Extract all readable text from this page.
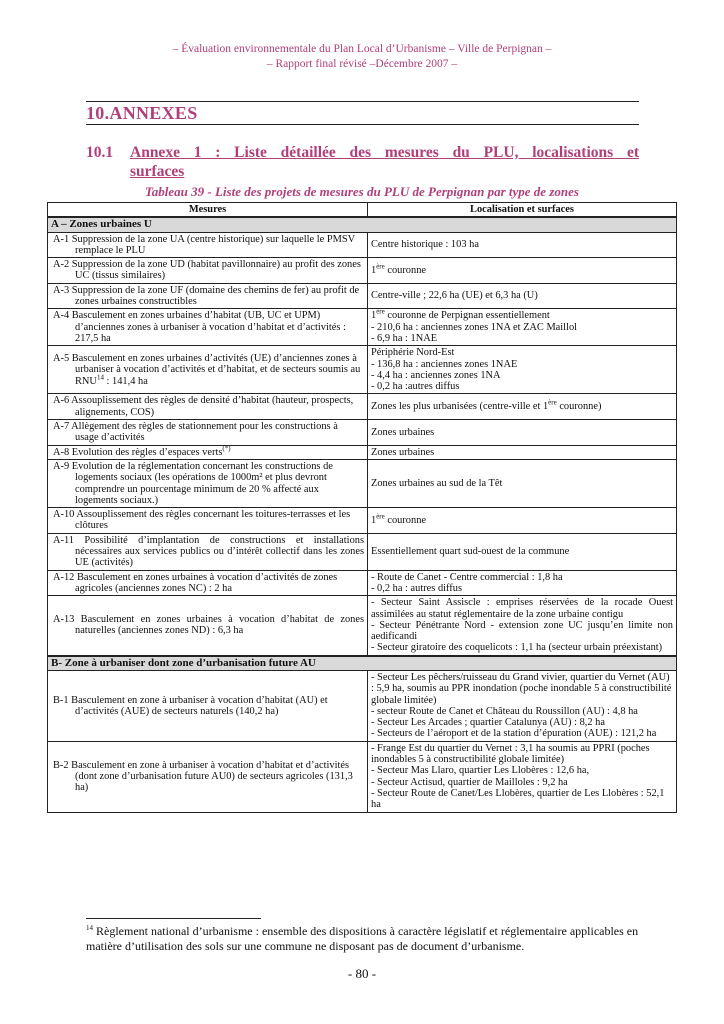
– Évaluation environnementale du Plan Local d’Urbanisme – Ville de Perpignan –
– Rapport final révisé –Décembre 2007 –
10.ANNEXES
10.1 Annexe 1 : Liste détaillée des mesures du PLU, localisations et
surfaces
Tableau 39 - Liste des projets de mesures du PLU de Perpignan par type de zones
Mesures	Localisation et surfaces
A – Zones urbaines U	

A-1 Suppression de la zone UA (centre historique) sur laquelle le PMSV remplace le PLU	Centre historique : 103 ha

A-2 Suppression de la zone UD (habitat pavillonnaire) au profit des zones UC (tissus similaires)	1ère couronne

A-3 Suppression de la zone UF (domaine des chemins de fer) au profit de zones urbaines constructibles	Centre-ville ; 22,6 ha (UE) et 6,3 ha (U)

A-4 Basculement en zones urbaines d’habitat (UB, UC et UPM) d’anciennes zones à urbaniser à vocation d’habitat et d’activités : 217,5 ha	1ère couronne de Perpignan essentiellement
- 210,6 ha : anciennes zones 1NA et ZAC Maillol
- 6,9 ha : 1NAE

A-5 Basculement en zones urbaines d’activités (UE) d’anciennes zones à urbaniser à vocation d’activités et d’habitat, et de secteurs soumis au RNU$^{14}$ : 141,4 ha	Périphérie Nord-Est
- 136,8 ha : anciennes zones 1NAE
- 4,4 ha : anciennes zones 1NA
- 0,2 ha :autres diffus

A-6 Assouplissement des règles de densité d’habitat (hauteur, prospects, alignements, COS)	Zones les plus urbanisées (centre-ville et 1ère couronne)

A-7 Allègement des règles de stationnement pour les constructions à usage d’activités	Zones urbaines

A-8 Evolution des règles d’espaces verts(*)	Zones urbaines

A-9 Evolution de la réglementation concernant les constructions de logements sociaux (les opérations de 1000m² et plus devront comprendre un pourcentage minimum de 20 % affecté aux logements sociaux.)	Zones urbaines au sud de la Têt

A-10 Assouplissement des règles concernant les toitures-terrasses et les clôtures	1ère couronne

A-11 Possibilité d’implantation de constructions et installations nécessaires aux services publics ou d’intérêt collectif dans les zones UE (activités)	Essentiellement quart sud-ouest de la commune

A-12 Basculement en zones urbaines à vocation d’activités de zones agricoles (anciennes zones NC) : 2 ha	- Route de Canet - Centre commercial : 1,8 ha
- 0,2 ha : autres diffus

A-13 Basculement en zones urbaines à vocation d’habitat de zones naturelles (anciennes zones ND) : 6,3 ha	- Secteur Saint Assiscle : emprises réservées de la rocade Ouest assimilées au statut réglementaire de la zone urbaine contigu
- Secteur Pénétrante Nord - extension zone UC jusqu’en limite non aedificandi
- Secteur giratoire des coquelicots : 1,1 ha (secteur urbain préexistant)

B- Zone à urbaniser dont zone d’urbanisation future AU	

B-1 Basculement en zone à urbaniser à vocation d’habitat (AU) et d’activités (AUE) de secteurs naturels (140,2 ha)	- Secteur Les pêchers/ruisseau du Grand vivier, quartier du Vernet (AU) : 5,9 ha, soumis au PPR inondation (poche inondable 5 à constructibilité globale limitée)
- secteur Route de Canet et Château du Roussillon (AU) : 4,8 ha
- Secteur Les Arcades ; quartier Catalunya (AU) : 8,2 ha
- Secteurs de l’aéroport et de la station d’épuration (AUE) : 121,2 ha

B-2 Basculement en zone à urbaniser à vocation d’habitat et d’activités (dont zone d’urbanisation future AU0) de secteurs agricoles (131,3 ha)	- Frange Est du quartier du Vernet : 3,1 ha soumis au PPRI (poches inondables 5 à constructibilité globale limitée)
- Secteur Mas Llaro, quartier Les Llobères : 12,6 ha,
- Secteur Actisud, quartier de Mailloles : 9,2 ha
- Secteur Route de Canet/Les Llobères, quartier de Les Llobères : 52,1 ha
$^{14}$ Règlement national d’urbanisme : ensemble des dispositions à caractère législatif et réglementaire applicables en matière d’utilisation des sols sur une commune ne disposant pas de document d’urbanisme.
- 80 -
